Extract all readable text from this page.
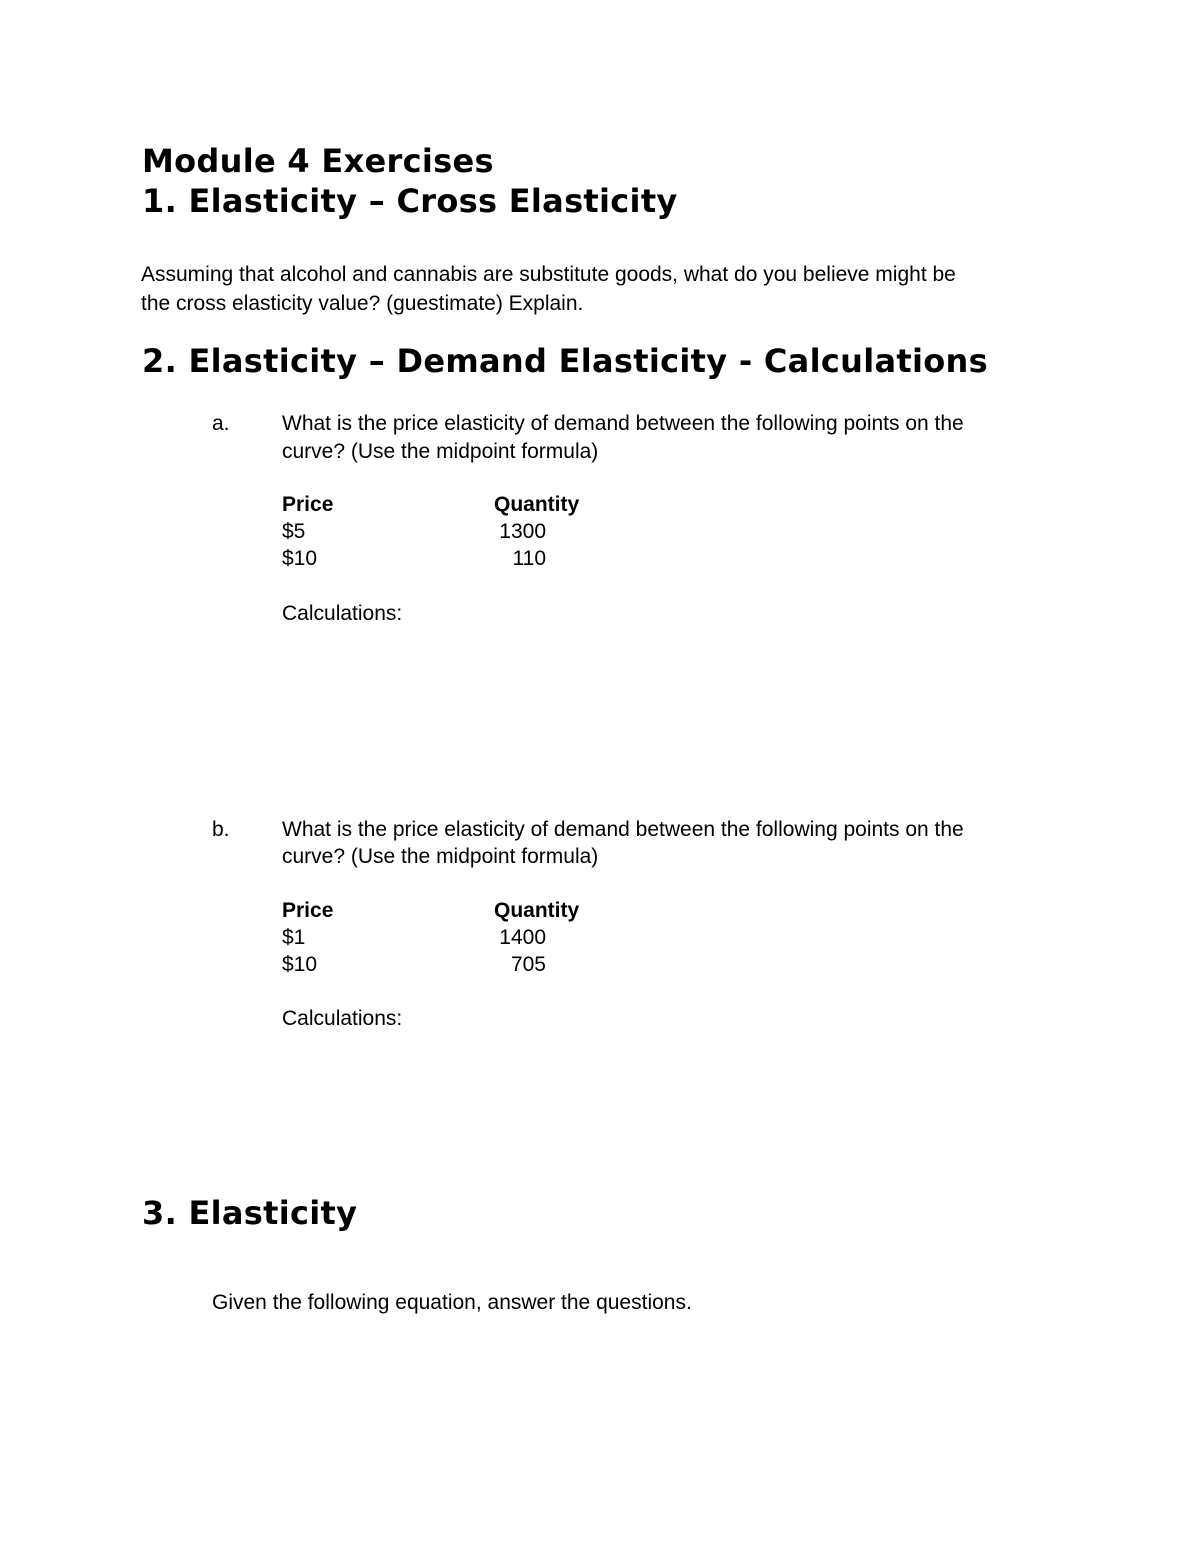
Module 4 Exercises
1. Elasticity – Cross Elasticity
Assuming that alcohol and cannabis are substitute goods, what do you believe might be
the cross elasticity value? (guestimate) Explain.
2. Elasticity – Demand Elasticity - Calculations
a. What is the price elasticity of demand between the following points on the
curve? (Use the midpoint formula)
Price	Quantity
$5	1300
$10	110
Calculations:
b. What is the price elasticity of demand between the following points on the
curve? (Use the midpoint formula)
Price	Quantity
$1	1400
$10	705
Calculations:
3. Elasticity
Given the following equation, answer the questions.
